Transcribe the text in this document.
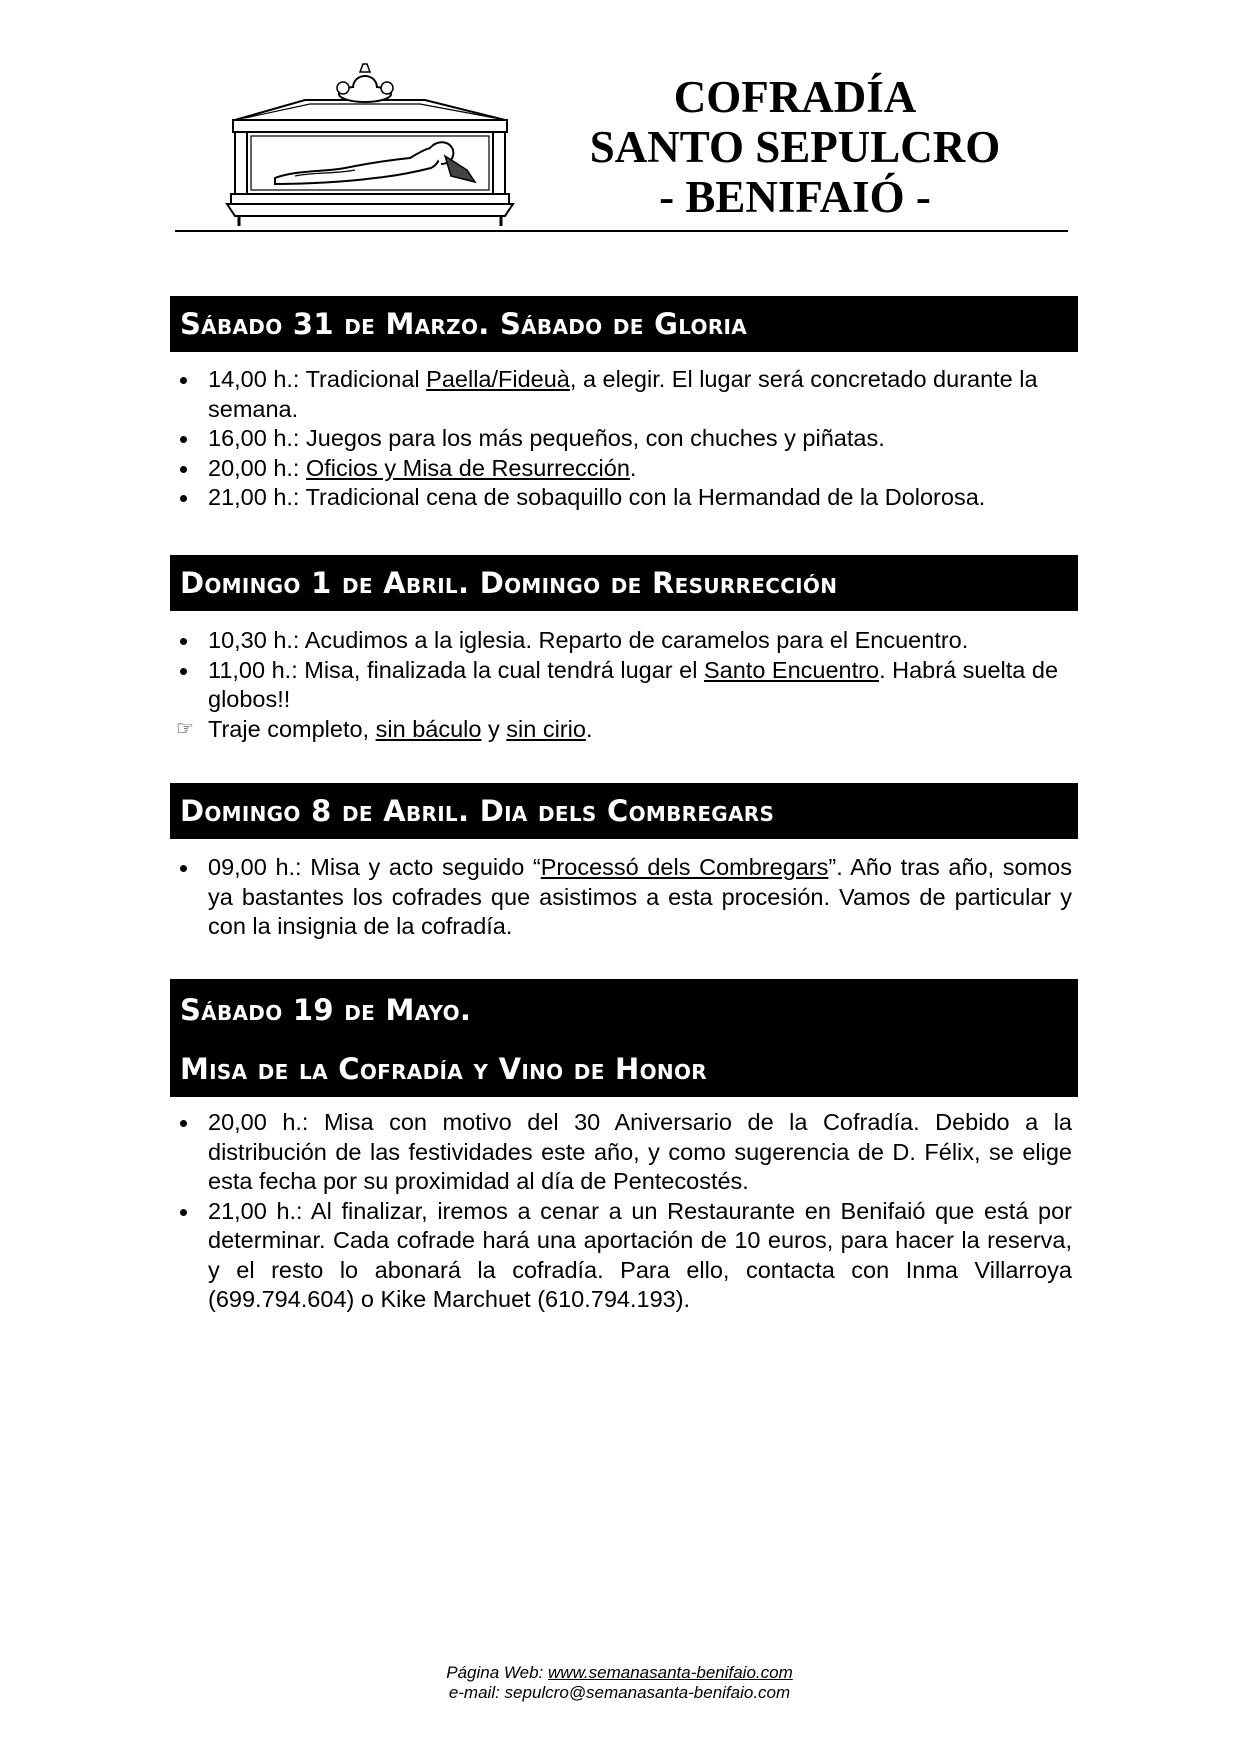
COFRADÍA
SANTO SEPULCRO
- BENIFAIÓ -
Sábado 31 de Marzo. Sábado de Gloria
14,00 h.: Tradicional Paella/Fideuà, a elegir. El lugar será concretado durante la semana.
16,00 h.: Juegos para los más pequeños, con chuches y piñatas.
20,00 h.: Oficios y Misa de Resurrección.
21,00 h.: Tradicional cena de sobaquillo con la Hermandad de la Dolorosa.
Domingo 1 de Abril. Domingo de Resurrección
10,30 h.: Acudimos a la iglesia. Reparto de caramelos para el Encuentro.
11,00 h.: Misa, finalizada la cual tendrá lugar el Santo Encuentro. Habrá suelta de globos!!
☞ Traje completo, sin báculo y sin cirio.
Domingo 8 de Abril. Dia dels Combregars
09,00 h.: Misa y acto seguido “Processó dels Combregars”. Año tras año, somos ya bastantes los cofrades que asistimos a esta procesión. Vamos de particular y con la insignia de la cofradía.
Sábado 19 de Mayo.
Misa de la Cofradía y Vino de Honor
20,00 h.: Misa con motivo del 30 Aniversario de la Cofradía. Debido a la distribución de las festividades este año, y como sugerencia de D. Félix, se elige esta fecha por su proximidad al día de Pentecostés.
21,00 h.: Al finalizar, iremos a cenar a un Restaurante en Benifaió que está por determinar. Cada cofrade hará una aportación de 10 euros, para hacer la reserva, y el resto lo abonará la cofradía. Para ello, contacta con Inma Villarroya (699.794.604) o Kike Marchuet (610.794.193).
Página Web: www.semanasanta-benifaio.com
e-mail: sepulcro@semanasanta-benifaio.com
